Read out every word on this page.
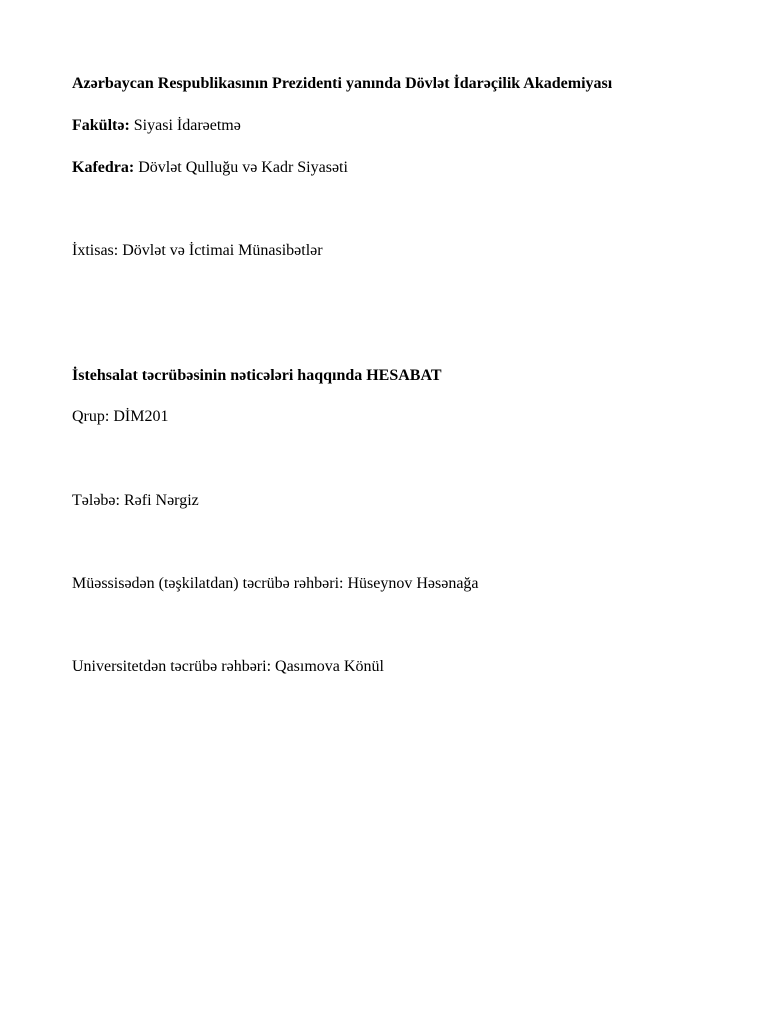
Azərbaycan Respublikasının Prezidenti yanında Dövlət İdarəçilik Akademiyası
Fakültə: Siyasi İdarəetmə
Kafedra: Dövlət Qulluğu və Kadr Siyasəti
İxtisas: Dövlət və İctimai Münasibətlər
İstehsalat təcrübəsinin nəticələri haqqında HESABAT
Qrup: DİM201
Tələbə: Rəfi Nərgiz
Müəssisədən (təşkilatdan) təcrübə rəhbəri: Hüseynov Həsənağa
Universitetdən təcrübə rəhbəri: Qasımova Könül
